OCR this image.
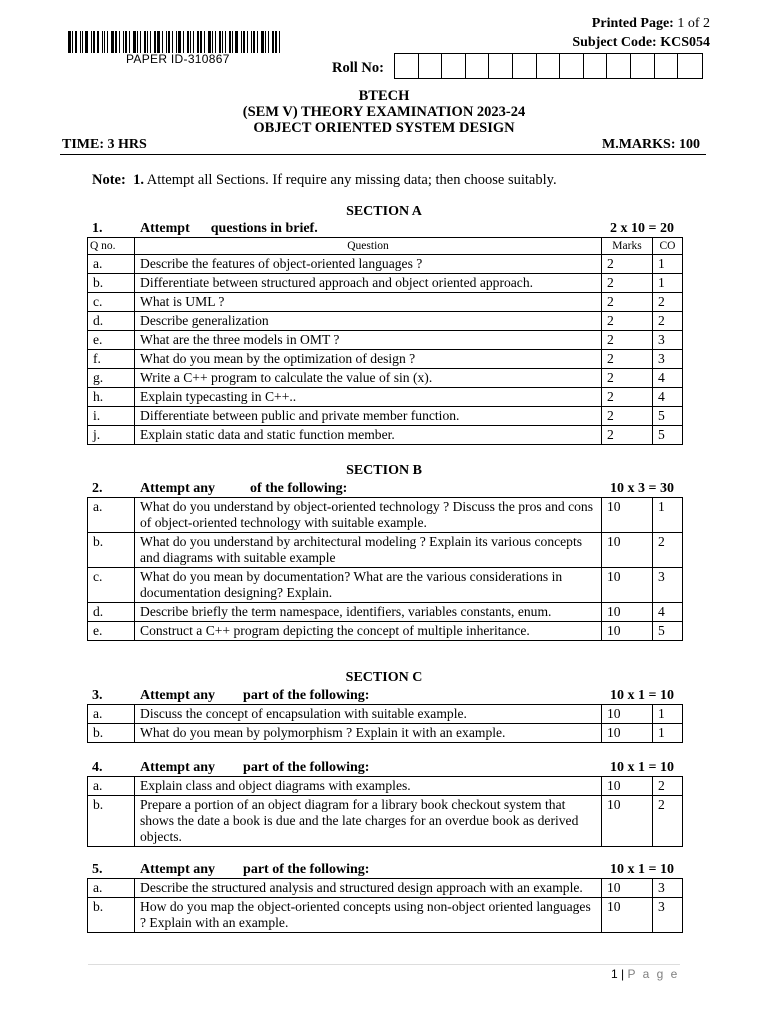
PAPER ID-310867
Printed Page: 1 of 2
Subject Code: KCS054
Roll No:
BTECH
(SEM V) THEORY EXAMINATION 2023-24
OBJECT ORIENTED SYSTEM DESIGN
TIME: 3 HRS	M.MARKS: 100
Note: 1. Attempt all Sections. If require any missing data; then choose suitably.
SECTION A
1.	Attempt      questions in brief.	2 x 10 = 20
Q no.	Question	Marks	CO
a.	Describe the features of object-oriented languages ?	2	1
b.	Differentiate between structured approach and object oriented approach.	2	1
c.	What is UML ?	2	2
d.	Describe generalization	2	2
e.	What are the three models in OMT ?	2	3
f.	What do you mean by the optimization of design ?	2	3
g.	Write a C++ program to calculate the value of sin (x).	2	4
h.	Explain typecasting in C++..	2	4
i.	Differentiate between public and private member function.	2	5
j.	Explain static data and static function member.	2	5
SECTION B
2.	Attempt any          of the following:	10 x 3 = 30
a.	What do you understand by object-oriented technology ? Discuss the pros and cons of object-oriented technology with suitable example.	10	1
b.	What do you understand by architectural modeling ? Explain its various concepts and diagrams with suitable example	10	2
c.	What do you mean by documentation? What are the various considerations in documentation designing? Explain.	10	3
d.	Describe briefly the term namespace, identifiers, variables constants, enum.	10	4
e.	Construct a C++ program depicting the concept of multiple inheritance.	10	5
SECTION C
3.	Attempt any        part of the following:	10 x 1 = 10
a.	Discuss the concept of encapsulation with suitable example.	10	1
b.	What do you mean by polymorphism ? Explain it with an example.	10	1
4.	Attempt any        part of the following:	10 x 1 = 10
a.	Explain class and object diagrams with examples.	10	2
b.	Prepare a portion of an object diagram for a library book checkout system that shows the date a book is due and the late charges for an overdue book as derived objects.	10	2
5.	Attempt any        part of the following:	10 x 1 = 10
a.	Describe the structured analysis and structured design approach with an example.	10	3
b.	How do you map the object-oriented concepts using non-object oriented languages ? Explain with an example.	10	3
1 | P a g e
